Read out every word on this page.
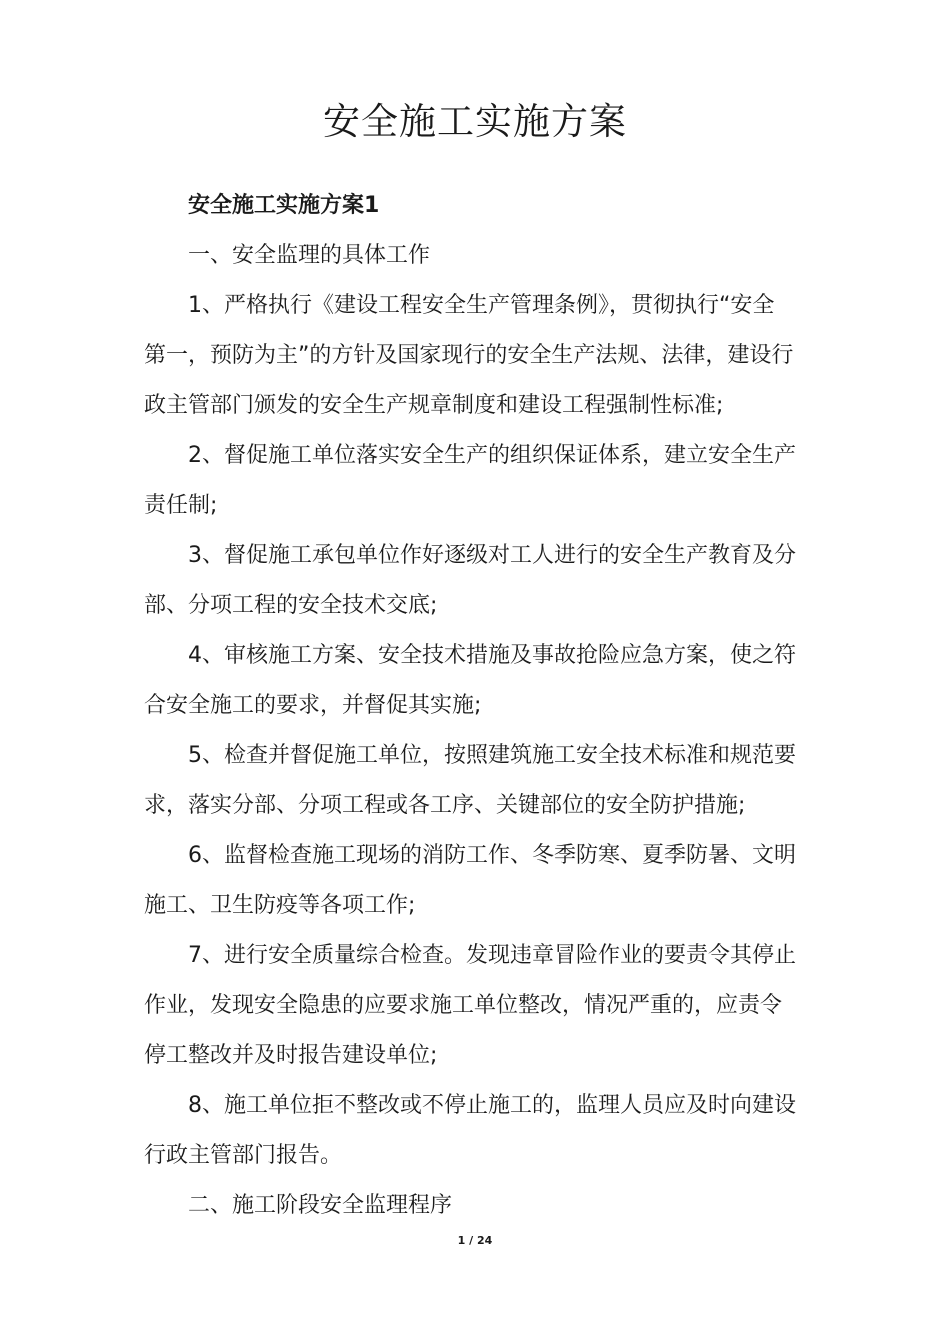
安全施工实施方案

安全施工实施方案1

一、安全监理的具体工作

1、严格执行《建设工程安全生产管理条例》，贯彻执行“安全第一，预防为主”的方针及国家现行的安全生产法规、法律，建设行政主管部门颁发的安全生产规章制度和建设工程强制性标准;

2、督促施工单位落实安全生产的组织保证体系，建立安全生产责任制;

3、督促施工承包单位作好逐级对工人进行的安全生产教育及分部、分项工程的安全技术交底;

4、审核施工方案、安全技术措施及事故抢险应急方案，使之符合安全施工的要求，并督促其实施;

5、检查并督促施工单位，按照建筑施工安全技术标准和规范要求，落实分部、分项工程或各工序、关键部位的安全防护措施;

6、监督检查施工现场的消防工作、冬季防寒、夏季防暑、文明施工、卫生防疫等各项工作;

7、进行安全质量综合检查。发现违章冒险作业的要责令其停止作业，发现安全隐患的应要求施工单位整改，情况严重的，应责令停工整改并及时报告建设单位;

8、施工单位拒不整改或不停止施工的，监理人员应及时向建设行政主管部门报告。

二、施工阶段安全监理程序

1 / 24
